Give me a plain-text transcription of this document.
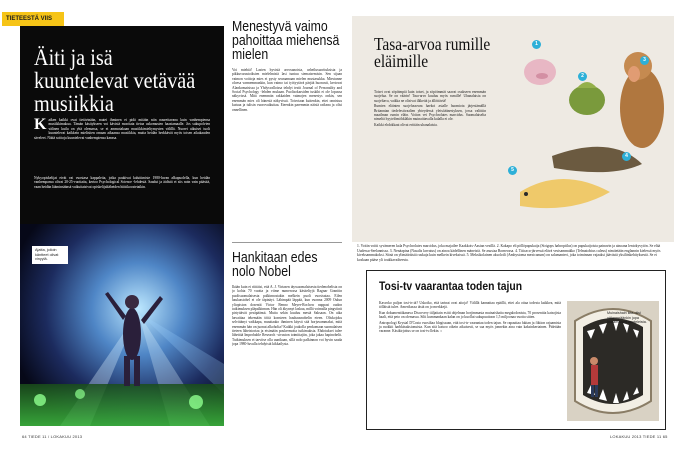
TIETEESTÄ VIIS
Äiti ja isä kuuntelevat vetävää musiikkia
Kaiken kaikki ovat tietävinään, mutei ihminen ei pidä mitään niin naurettavana kuin vanhempiensa musiikkimakua. Tämän käsitykseen voi kävistä moottata tietoa uskomusten haastamaalle. Jos sukupolvien välinen kuilu on yhä olemassa, se ei ammotakaan musiikkimieltymysten välillä. Nuoret aikuiset tuolt kuuntelevat kaikkein mielisiten omaan aikaansa musiikkia, mutta heidän herkkävät myös toisen aikakauden säveleet. Näitä soittoja kuuntelevat vanhempiensa kanssa.
Nykyopiskelijat eivät vai vuostasa kappaleita, jotka paukivat kaluttimiste 1980-luvan alkupuolella, kun heidän vanhempansa olivat 20-25-vuotiaita, kertoo Psychological Science -lehdestä. Saadut ja äidistä ei siis noin vain pääsitä, vaan heidän lääminsäänsä vaikuttaisivat opiskelijaltäheiden hiittikoostetaikin.
Ajatta, joiloin käntteet olivat vinyylä.
64 TIEDE 11 / LOKAKUU 2013
Menestyvä vaimo pahoittaa miehensä mielen
Voi miehiä! Lasten hyvistä arvosanoista, urheilusuorituksista ja pikkuvarustoiksien mielelmistä lasi tuntuu siemaisemisin. Sen sijaan vaimon voittoja mies ei pysty seuraamaan mielen mustasukka. Miestunne oloesa varmemmankin, kun vaimo tai työtyytävä pärjää huonosti, kertovat Alankomaisissa ja Yhdysvalloissa tehdyt testit Journal of Personality and Social Psychology -lehden mukaan. Puolisokarsiden tuskiht ei ole lopussa näkyvissä. Mitä enemmän rakkaiden vaimojen menestys onkin, sen enemmän mies oli hänestä näkyvissä. Toivotaan kuitenkin, ettei onnistuu kutsua ja tulisin vuorovaikuttaa. Eteenkin paremmin näistä ratkeaa ja olisi onnellinen.
Hankitaan edes nolo Nobel
Ikään kuin ei riittäisi, että A. J. Virtasen täyssuomalaisesta tiedenobelista on jo kohta 70 vuotta ja viime numerossa käsiteltyjä Ragnar Granitin puolisuomalaisesta palkinnostakin melkein puoli vuosisataa. Eilen haulaastohel ei ole täpinäyt. Lähimpää läppää, kun vuonna 2009 Oulun yliopiston dosentit Victor Benno Meyer-Rochow nappasi oudon tutkimuksen pläpalkinnon. Hän oli äkynnyt laskua, millä voimalla pingviinit pirtyttävät pesäpäänsä. Mutta sekin kuuluu mestä Saksaan. On aika havaittaa tekemään töitä konsteen hauhausnobelin eteen. Oliskojoku selvittänyt vaikkapa, muuttaako ihminen käyvä sitä horjuvammaksi, mitä enemmän hän on juonut alkoholia? Kaikki joukolla penkomaan suomalaisen tieteen läheistoriaa ja etsimään poukermoita tutkimuksia. Ehdotuksei tulee lähettää Improbable Research -sivuston toimittajiin, joka jakaa hapinobelit. Tutkimuksen ei tarvitse olla uuntkaan, sillä nolo palkinnon voi hyvin saada jopa 1980-luvulla tehdyistä kikkailysta.
Tasa-arvoa rumille eläimille

Toiset ovat söpöimpiä kuin toiset, ja söpöimmät saavat osakseen enemmän suojelua. Se on väärin! Tasa-arvo kuuluu myös rumille! Uhanalaisia on suojeltava, vaikka ne olisivat ilkkeitä ja ällöttäviä!

Rumien eläinten suojelusseura haekoi asialle huomiota järjestämällä Britannian tiedefestivaalien yhteydessä yleisöäänestyksen, jossa valittiin maailman rumin eläin. Voiton vei Psychrolutes marcidus. Suomalaiselta nimeltä hyytelömöhkläkin muinaittavalla kalalla ei ole.

Kaikki ehdokkaat olivat erittäin uhanalaisia.

1
2
3
4
5
1. Voitin voitti syvämeren kala Psychrolutes marcidus, joka majailee Kaakkois-Aasian vesillä. 2. Kakapo eli pöllöpapukaija (Strigops habroptilus) on papukaijoista painavin ja ainoana lentokyvytön. Se elää Uudessa-Seelannissa. 3. Nenäapina (Nasalis larvatus) on ainoa kädellinen mäneistä. Se asustaa Borneossa. 4. Titicaca-järvessä elävä vesisammakko (Telmatobius culeus) nimitetään englannin kielessä myös kiveksammakoksi. Siinä on ylimääräisiä ruskuja kuin melkein kiveksissä. 5. Meksikolainen aksolotli (Ambystoma mexicanum) on salamanteri, joka toiminnan vajaaksi jäävästä yksilönkehityksestä. Se ei koskaan pääse yli toukkavaiheesta.
Tosi-tv vaarantaa toden tajun

Kasvoko paljon tosi-tv:tä? Uskotko, että tarinat ovat aitoja? Välillä kannattaa epäillä, ettei ala ottaa todesta kaikkea, mitä tölläistä tulee. Amerikassa tästä on jo merkkejä.

Kun dokumenttikanava Discovery tiiljattain esitti ohjelman horjimmasta muinaishaita megalodonista, 70 prosenttia katsojista haali, että peto on olemassa. Silti kummankaan kalan on jo kuollut sukupuuttoon 1,5 miljoonaa vuotta sitten.

Antropologi Krystal D'Costa vuosiltaa blogissaan, että tosi-tv vaarantaa toden tajun. Se rapauttaa faktan ja fiktion rajaamista ja ruokkii harhkäsaksionuista. Kun sitä katsoo oikein aikuisesti, se saa myös jonnekin aina vain kaksinkertainen. Pidetään varanne. Käsikirjoitus se on tosi-tv:llekin. ○

Muinaishain kita olisi vähempäänkin jopa läärämäisen kanteleista.
LOKAKUU 2013 TIEDE 11 65
